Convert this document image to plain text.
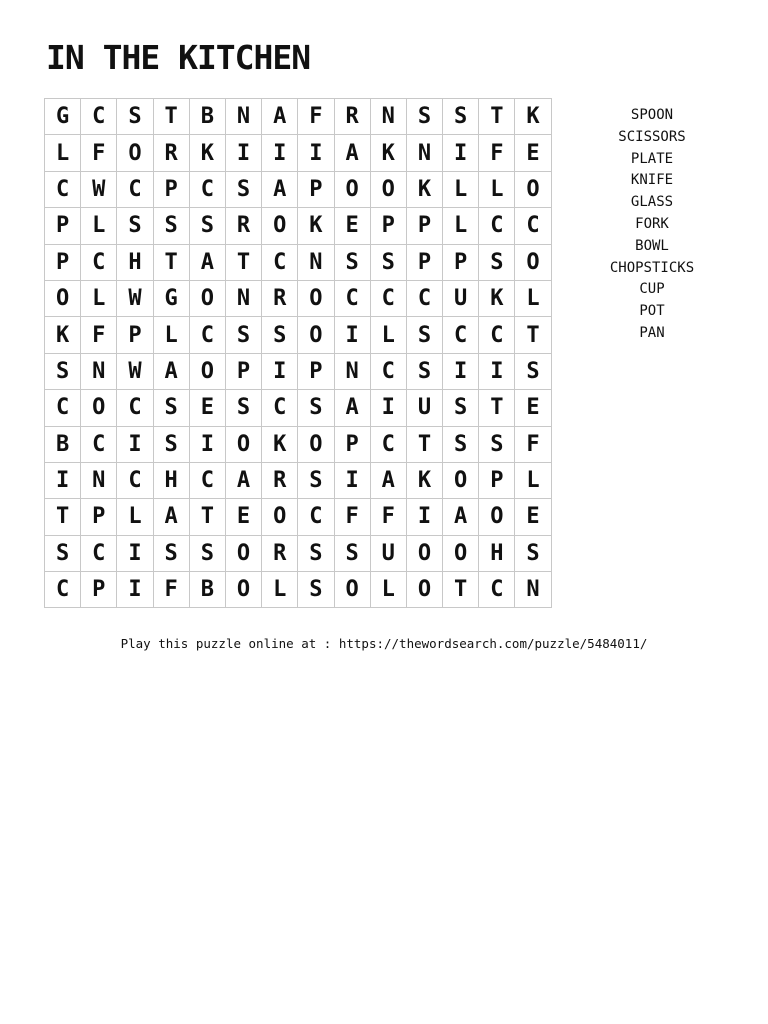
IN THE KITCHEN
G	C	S	T	B	N	A	F	R	N	S	S	T	K
L	F	O	R	K	I	I	I	A	K	N	I	F	E
C	W	C	P	C	S	A	P	O	O	K	L	L	O
P	L	S	S	S	R	O	K	E	P	P	L	C	C
P	C	H	T	A	T	C	N	S	S	P	P	S	O
O	L	W	G	O	N	R	O	C	C	C	U	K	L
K	F	P	L	C	S	S	O	I	L	S	C	C	T
S	N	W	A	O	P	I	P	N	C	S	I	I	S
C	O	C	S	E	S	C	S	A	I	U	S	T	E
B	C	I	S	I	O	K	O	P	C	T	S	S	F
I	N	C	H	C	A	R	S	I	A	K	O	P	L
T	P	L	A	T	E	O	C	F	F	I	A	O	E
S	C	I	S	S	O	R	S	S	U	O	O	H	S
C	P	I	F	B	O	L	S	O	L	O	T	C	N
SPOON
SCISSORS
PLATE
KNIFE
GLASS
FORK
BOWL
CHOPSTICKS
CUP
POT
PAN
Play this puzzle online at : https://thewordsearch.com/puzzle/5484011/
